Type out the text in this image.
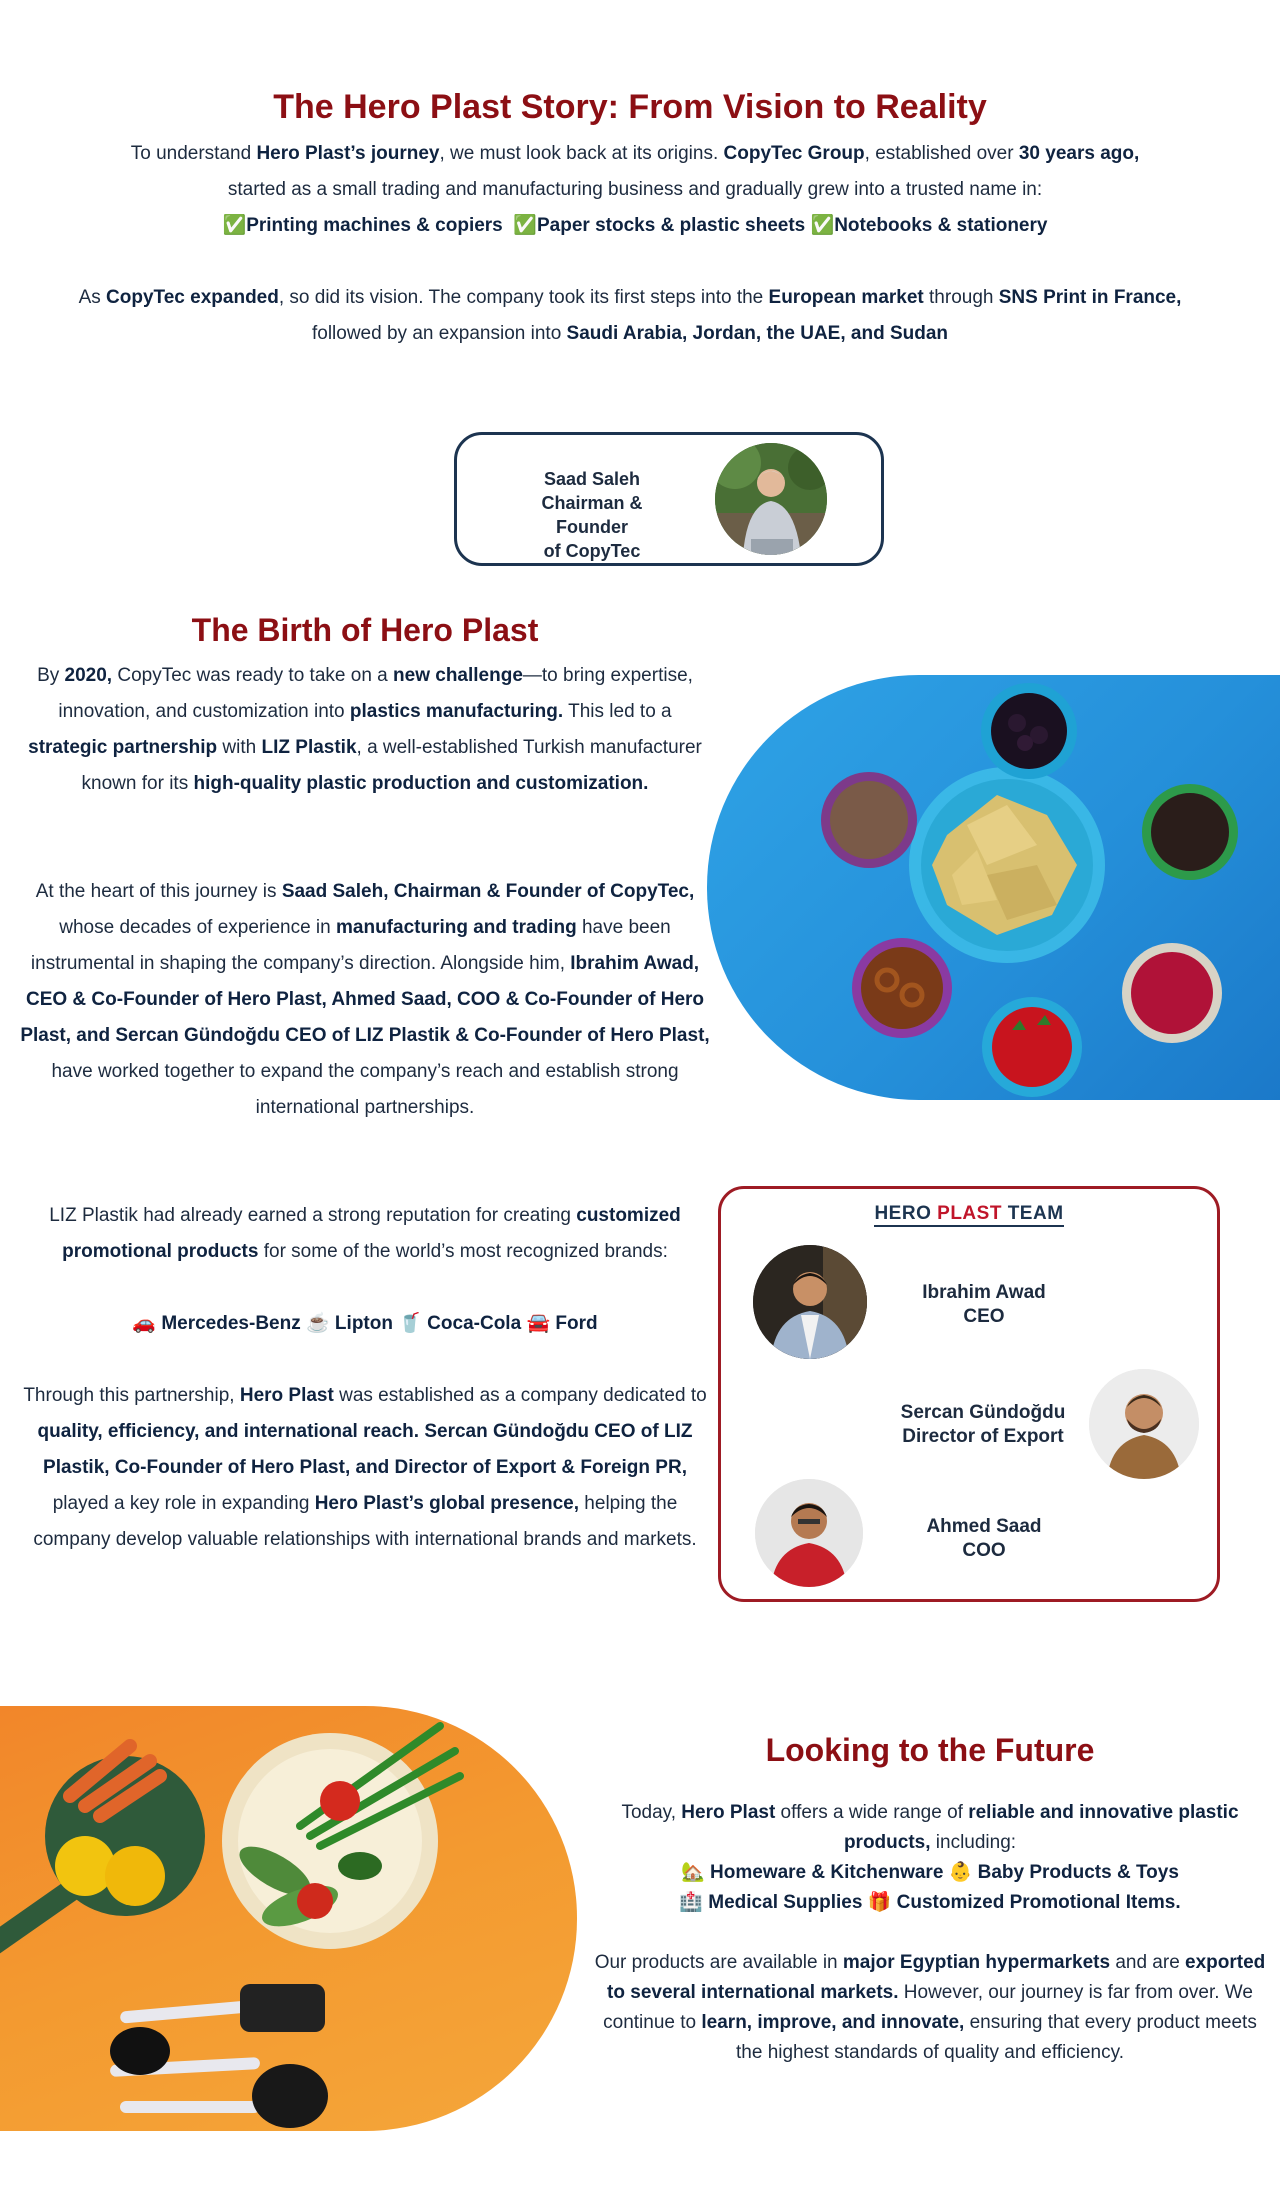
The Hero Plast Story: From Vision to Reality
To understand Hero Plast’s journey, we must look back at its origins. CopyTec Group, established over 30 years ago, started as a small trading and manufacturing business and gradually grew into a trusted name in:
✅Printing machines & copiers ✅Paper stocks & plastic sheets ✅Notebooks & stationery
As CopyTec expanded, so did its vision. The company took its first steps into the European market through SNS Print in France,
followed by an expansion into Saudi Arabia, Jordan, the UAE, and Sudan
Saad Saleh
Chairman & Founder
of CopyTec
The Birth of Hero Plast
By 2020, CopyTec was ready to take on a new challenge—to bring expertise, innovation, and customization into plastics manufacturing. This led to a strategic partnership with LIZ Plastik, a well-established Turkish manufacturer known for its high-quality plastic production and customization.
At the heart of this journey is Saad Saleh, Chairman & Founder of CopyTec, whose decades of experience in manufacturing and trading have been instrumental in shaping the company’s direction. Alongside him, Ibrahim Awad, CEO & Co-Founder of Hero Plast, Ahmed Saad, COO & Co-Founder of Hero Plast, and Sercan Gündoğdu CEO of LIZ Plastik & Co-Founder of Hero Plast, have worked together to expand the company’s reach and establish strong international partnerships.
LIZ Plastik had already earned a strong reputation for creating customized promotional products for some of the world’s most recognized brands:
🚗 Mercedes-Benz ☕ Lipton 🥤 Coca-Cola 🚘 Ford
Through this partnership, Hero Plast was established as a company dedicated to quality, efficiency, and international reach. Sercan Gündoğdu CEO of LIZ Plastik, Co-Founder of Hero Plast, and Director of Export & Foreign PR, played a key role in expanding Hero Plast’s global presence, helping the company develop valuable relationships with international brands and markets.
HERO PLAST TEAM
Ibrahim Awad
CEO
Sercan Gündoğdu
Director of Export
Ahmed Saad
COO
Looking to the Future
Today, Hero Plast offers a wide range of reliable and innovative plastic products, including:
🏡 Homeware & Kitchenware 👶 Baby Products & Toys
🏥 Medical Supplies 🎁 Customized Promotional Items.
Our products are available in major Egyptian hypermarkets and are exported to several international markets. However, our journey is far from over. We continue to learn, improve, and innovate, ensuring that every product meets the highest standards of quality and efficiency.
